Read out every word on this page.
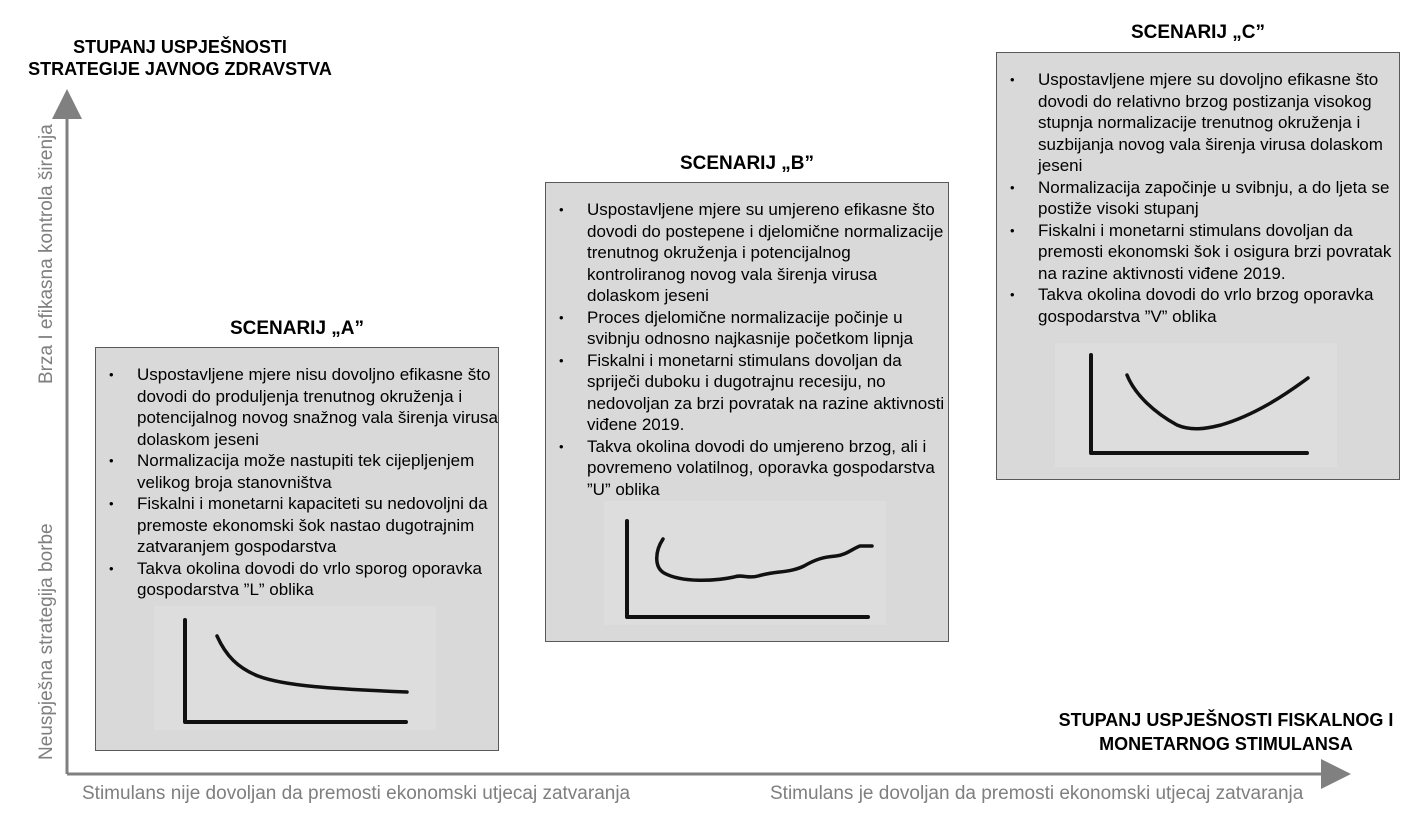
STUPANJ USPJEŠNOSTI
STRATEGIJE JAVNOG ZDRAVSTVA
STUPANJ USPJEŠNOSTI FISKALNOG I
MONETARNOG STIMULANSA
Brza I efikasna kontrola širenja
Neuspješna strategija borbe
Stimulans nije dovoljan da premosti ekonomski utjecaj zatvaranja	Stimulans je dovoljan da premosti ekonomski utjecaj zatvaranja
SCENARIJ „A”
• Uspostavljene mjere nisu dovoljno efikasne što dovodi do produljenja trenutnog okruženja i potencijalnog novog snažnog vala širenja virusa dolaskom jeseni
• Normalizacija može nastupiti tek cijepljenjem velikog broja stanovništva
• Fiskalni i monetarni kapaciteti su nedovoljni da premoste ekonomski šok nastao dugotrajnim zatvaranjem gospodarstva
• Takva okolina dovodi do vrlo sporog oporavka gospodarstva ”L” oblika
SCENARIJ „B”
• Uspostavljene mjere su umjereno efikasne što dovodi do postepene i djelomične normalizacije trenutnog okruženja i potencijalnog kontroliranog novog vala širenja virusa dolaskom jeseni
• Proces djelomične normalizacije počinje u svibnju odnosno najkasnije početkom lipnja
• Fiskalni i monetarni stimulans dovoljan da spriječi duboku i dugotrajnu recesiju, no nedovoljan za brzi povratak na razine aktivnosti viđene 2019.
• Takva okolina dovodi do umjereno brzog, ali i povremeno volatilnog, oporavka gospodarstva ”U” oblika
SCENARIJ „C”
• Uspostavljene mjere su dovoljno efikasne što dovodi do relativno brzog postizanja visokog stupnja normalizacije trenutnog okruženja i suzbijanja novog vala širenja virusa dolaskom jeseni
• Normalizacija započinje u svibnju, a do ljeta se postiže visoki stupanj
• Fiskalni i monetarni stimulans dovoljan da premosti ekonomski šok i osigura brzi povratak na razine aktivnosti viđene 2019.
• Takva okolina dovodi do vrlo brzog oporavka gospodarstva ”V” oblika
